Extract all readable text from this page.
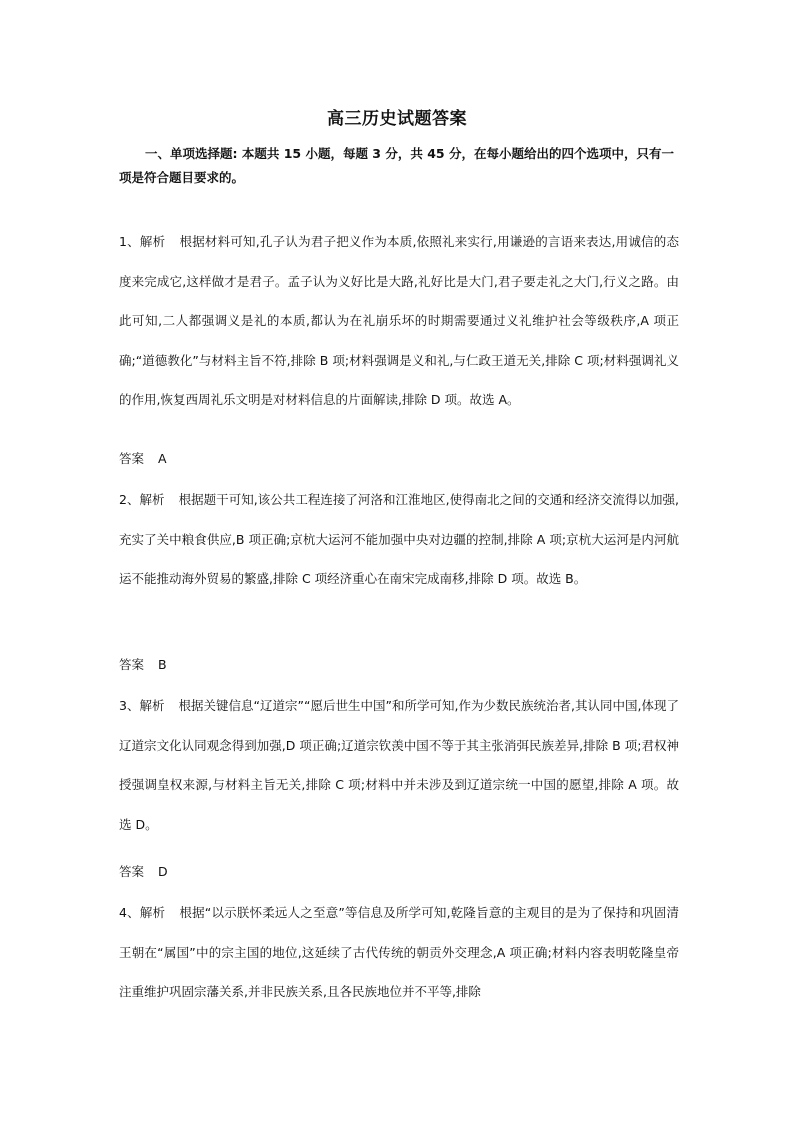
高三历史试题答案
一、单项选择题: 本题共 15 小题，每题 3 分，共 45 分，在每小题给出的四个选项中，只有一项是符合题目要求的。
1、解析 根据材料可知,孔子认为君子把义作为本质,依照礼来实行,用谦逊的言语来表达,用诚信的态度来完成它,这样做才是君子。孟子认为义好比是大路,礼好比是大门,君子要走礼之大门,行义之路。由此可知,二人都强调义是礼的本质,都认为在礼崩乐坏的时期需要通过义礼维护社会等级秩序,A 项正确;“道德教化”与材料主旨不符,排除 B 项;材料强调是义和礼,与仁政王道无关,排除 C 项;材料强调礼义的作用,恢复西周礼乐文明是对材料信息的片面解读,排除 D 项。故选 A。
答案 A
2、解析 根据题干可知,该公共工程连接了河洛和江淮地区,使得南北之间的交通和经济交流得以加强,充实了关中粮食供应,B 项正确;京杭大运河不能加强中央对边疆的控制,排除 A 项;京杭大运河是内河航运不能推动海外贸易的繁盛,排除 C 项经济重心在南宋完成南移,排除 D 项。故选 B。
答案 B
3、解析 根据关键信息“辽道宗”“愿后世生中国”和所学可知,作为少数民族统治者,其认同中国,体现了辽道宗文化认同观念得到加强,D 项正确;辽道宗钦羡中国不等于其主张消弭民族差异,排除 B 项;君权神授强调皇权来源,与材料主旨无关,排除 C 项;材料中并未涉及到辽道宗统一中国的愿望,排除 A 项。故选 D。
答案 D
4、解析 根据“以示朕怀柔远人之至意”等信息及所学可知,乾隆旨意的主观目的是为了保持和巩固清王朝在“属国”中的宗主国的地位,这延续了古代传统的朝贡外交理念,A 项正确;材料内容表明乾隆皇帝注重维护巩固宗藩关系,并非民族关系,且各民族地位并不平等,排除
